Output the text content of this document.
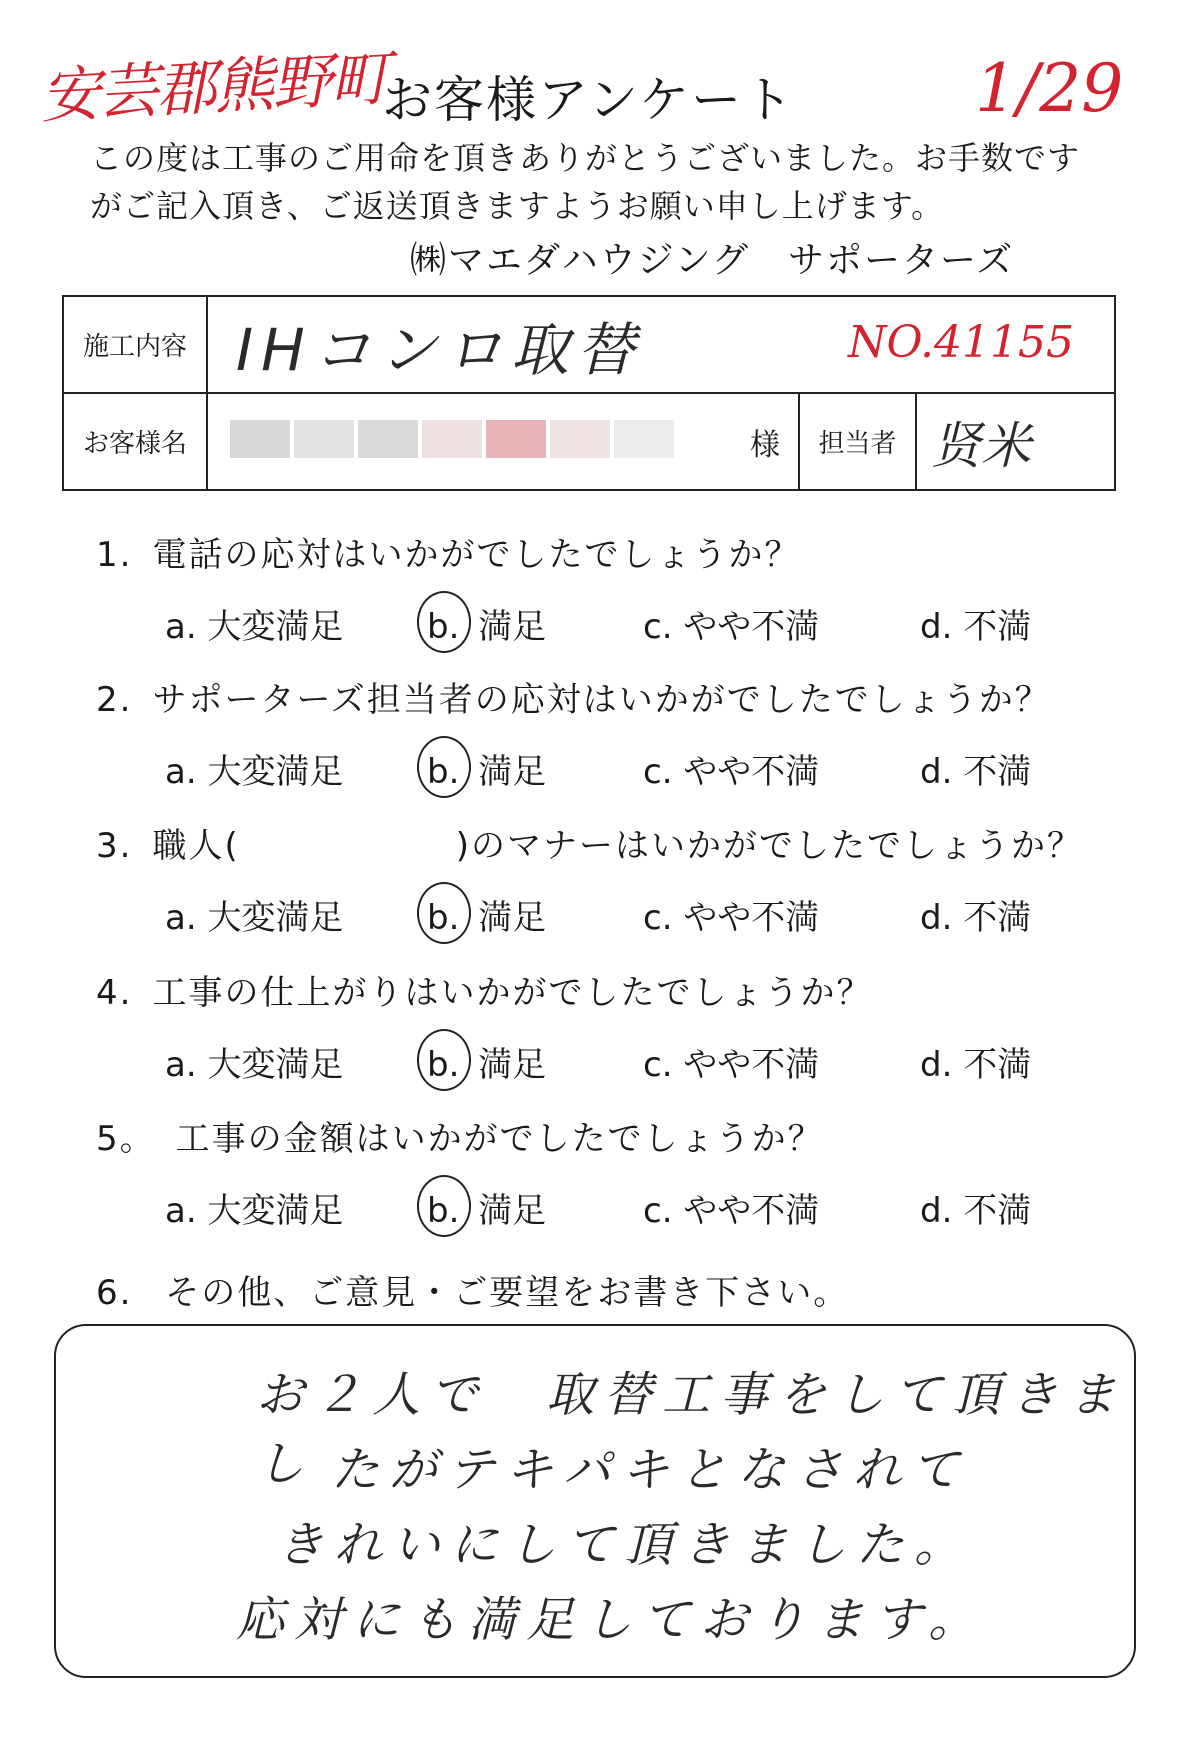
安芸郡熊野町
お客様アンケート	1/29
この度は工事のご用命を頂きありがとうございました。お手数ですがご記入頂き、ご返送頂きますようお願い申し上げます。
㈱マエダハウジング　サポーターズ
施工内容	IHコンロ取替 NO.41155		

お客様名	様	担当者	贤米
1. 電話の応対はいかがでしたでしょうか？
a. 大変満足 b. 満足	c. やや不満	d. 不満
2. サポーターズ担当者の応対はいかがでしたでしょうか？
a. 大変満足 b. 満足	c. やや不満	d. 不満
3. 職人(　　　　　　)のマナーはいかがでしたでしょうか？
a. 大変満足 b. 満足	c. やや不満	d. 不満
4. 工事の仕上がりはいかがでしたでしょうか？
a. 大変満足 b. 満足	c. やや不満	d. 不満
5。 工事の金額はいかがでしたでしょうか？
a. 大変満足 b. 満足	c. やや不満	d. 不満
6. その他、ご意見・ご要望をお書き下さい。
お２人で　取替工事をして頂きまし たがテキパキとなされて
きれいにして頂きました。
応対にも満足しております。
